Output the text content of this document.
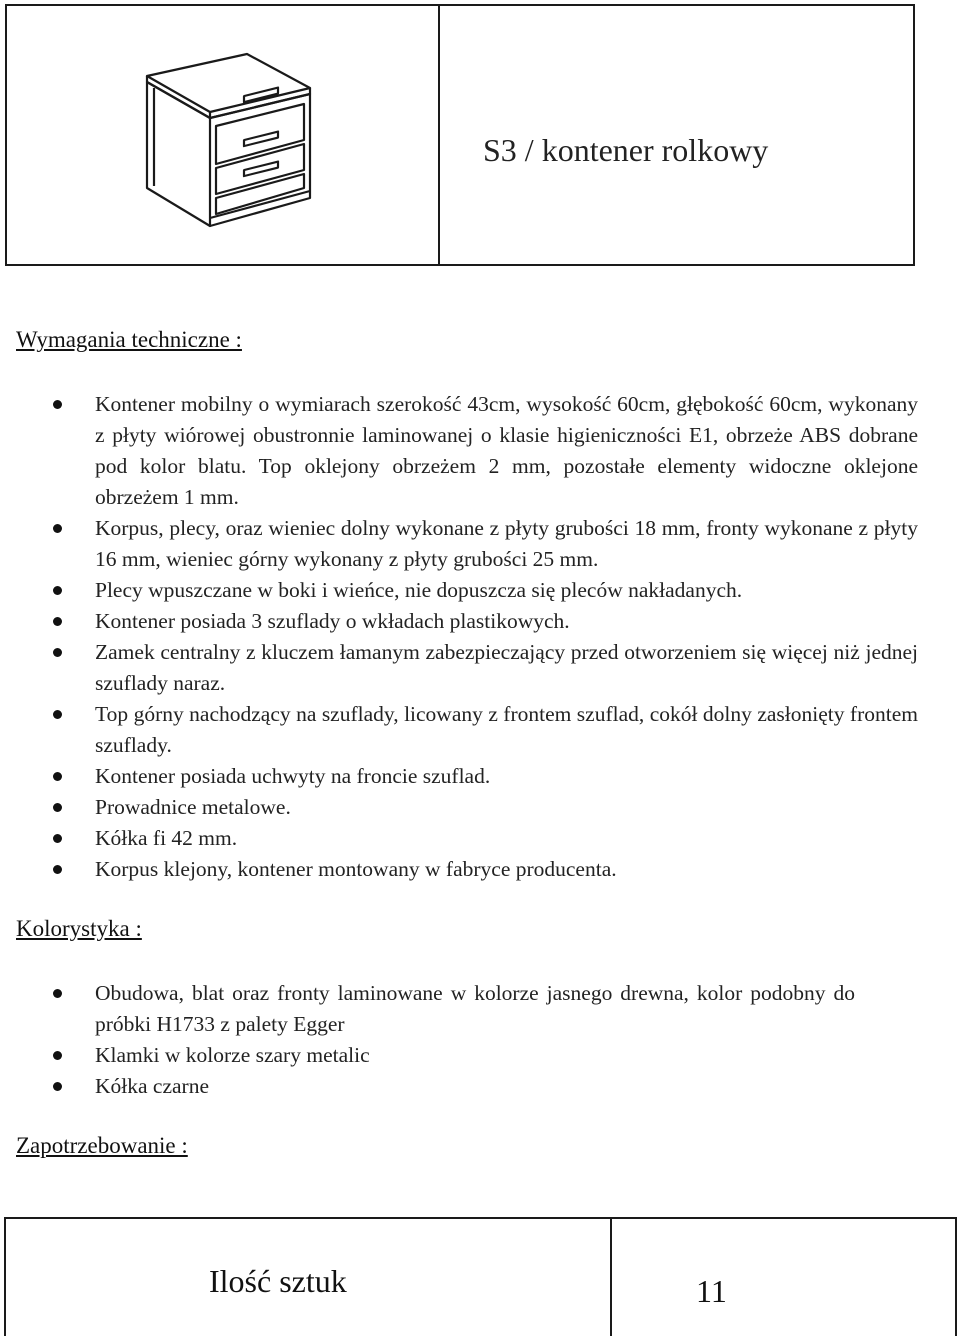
S3 / kontener rolkowy
Wymagania techniczne :
Kontener mobilny o wymiarach szerokość 43cm, wysokość 60cm, głębokość 60cm, wykonany z płyty wiórowej obustronnie laminowanej o klasie higieniczności E1, obrzeże ABS dobrane pod kolor blatu. Top oklejony obrzeżem 2 mm, pozostałe elementy widoczne oklejone obrzeżem 1 mm.
Korpus, plecy, oraz wieniec dolny wykonane z płyty grubości 18 mm, fronty wykonane z płyty 16 mm, wieniec górny wykonany z płyty grubości 25 mm.
Plecy wpuszczane w boki i wieńce, nie dopuszcza się pleców nakładanych.
Kontener posiada 3 szuflady o wkładach plastikowych.
Zamek centralny z kluczem łamanym zabezpieczający przed otworzeniem się więcej niż jednej szuflady naraz.
Top górny nachodzący na szuflady, licowany z frontem szuflad, cokół dolny zasłonięty frontem szuflady.
Kontener posiada uchwyty na froncie szuflad.
Prowadnice metalowe.
Kółka fi 42 mm.
Korpus klejony, kontener montowany w fabryce producenta.
Kolorystyka :
Obudowa, blat oraz fronty laminowane w kolorze jasnego drewna, kolor podobny do próbki H1733 z palety Egger
Klamki w kolorze szary metalic
Kółka czarne
Zapotrzebowanie :
Ilość sztuk	11
